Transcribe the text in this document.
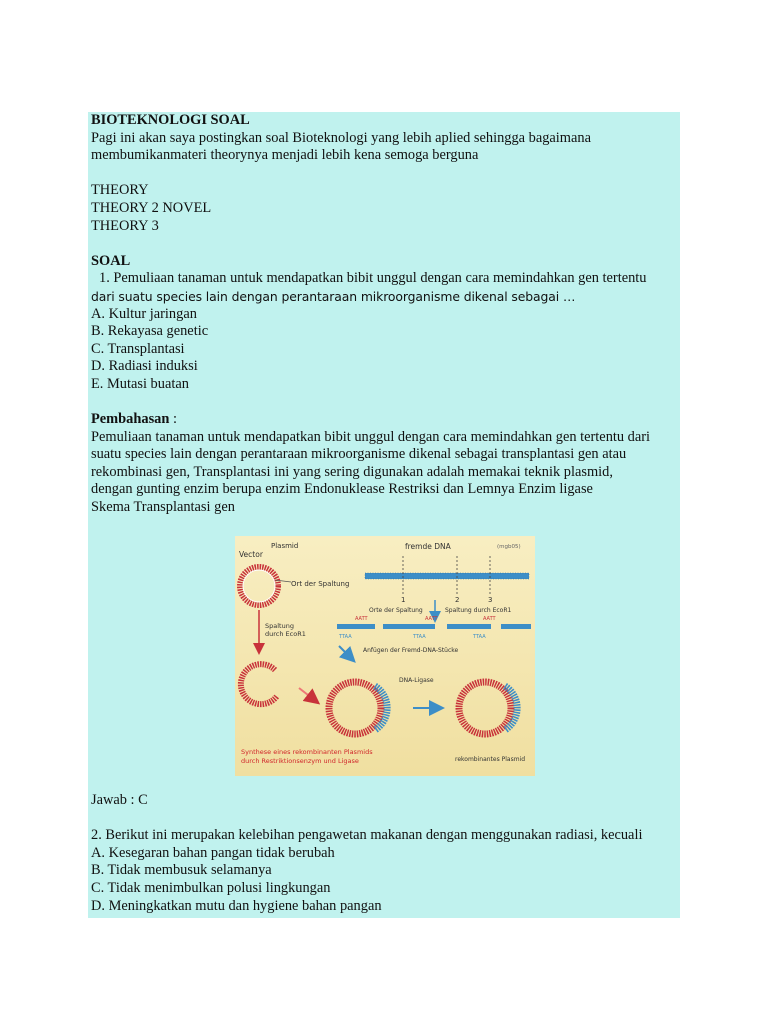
BIOTEKNOLOGI SOAL
Pagi ini akan saya postingkan soal Bioteknologi yang lebih aplied sehingga bagaimana
membumikanmateri theorynya menjadi lebih kena semoga berguna
THEORY
THEORY 2 NOVEL
THEORY 3
SOAL
1. Pemuliaan tanaman untuk mendapatkan bibit unggul dengan cara memindahkan gen tertentu
dari suatu species lain dengan perantaraan mikroorganisme dikenal sebagai …
A. Kultur jaringan
B. Rekayasa genetic
C. Transplantasi
D. Radiasi induksi
E. Mutasi buatan
Pembahasan :
Pemuliaan tanaman untuk mendapatkan bibit unggul dengan cara memindahkan gen tertentu dari
suatu species lain dengan perantaraan mikroorganisme dikenal sebagai transplantasi gen atau
rekombinasi gen, Transplantasi ini yang sering digunakan adalah memakai teknik plasmid,
dengan gunting enzim berupa enzim Endonuklease Restriksi dan Lemnya Enzim ligase
Skema Transplantasi gen
Vector
Plasmid	fremde DNA	(mgb05)
Ort der Spaltung
1	2	3
Orte der Spaltung	Spaltung durch EcoR1
Spaltung
durch EcoR1
AATT	AATT	AATT
TTAA	TTAA	TTAA
Anfügen der Fremd-DNA-Stücke
DNA-Ligase
Synthese eines rekombinanten Plasmids
durch Restriktionsenzym und Ligase	rekombinantes Plasmid
Jawab : C
2. Berikut ini merupakan kelebihan pengawetan makanan dengan menggunakan radiasi, kecuali
A. Kesegaran bahan pangan tidak berubah
B. Tidak membusuk selamanya
C. Tidak menimbulkan polusi lingkungan
D. Meningkatkan mutu dan hygiene bahan pangan
